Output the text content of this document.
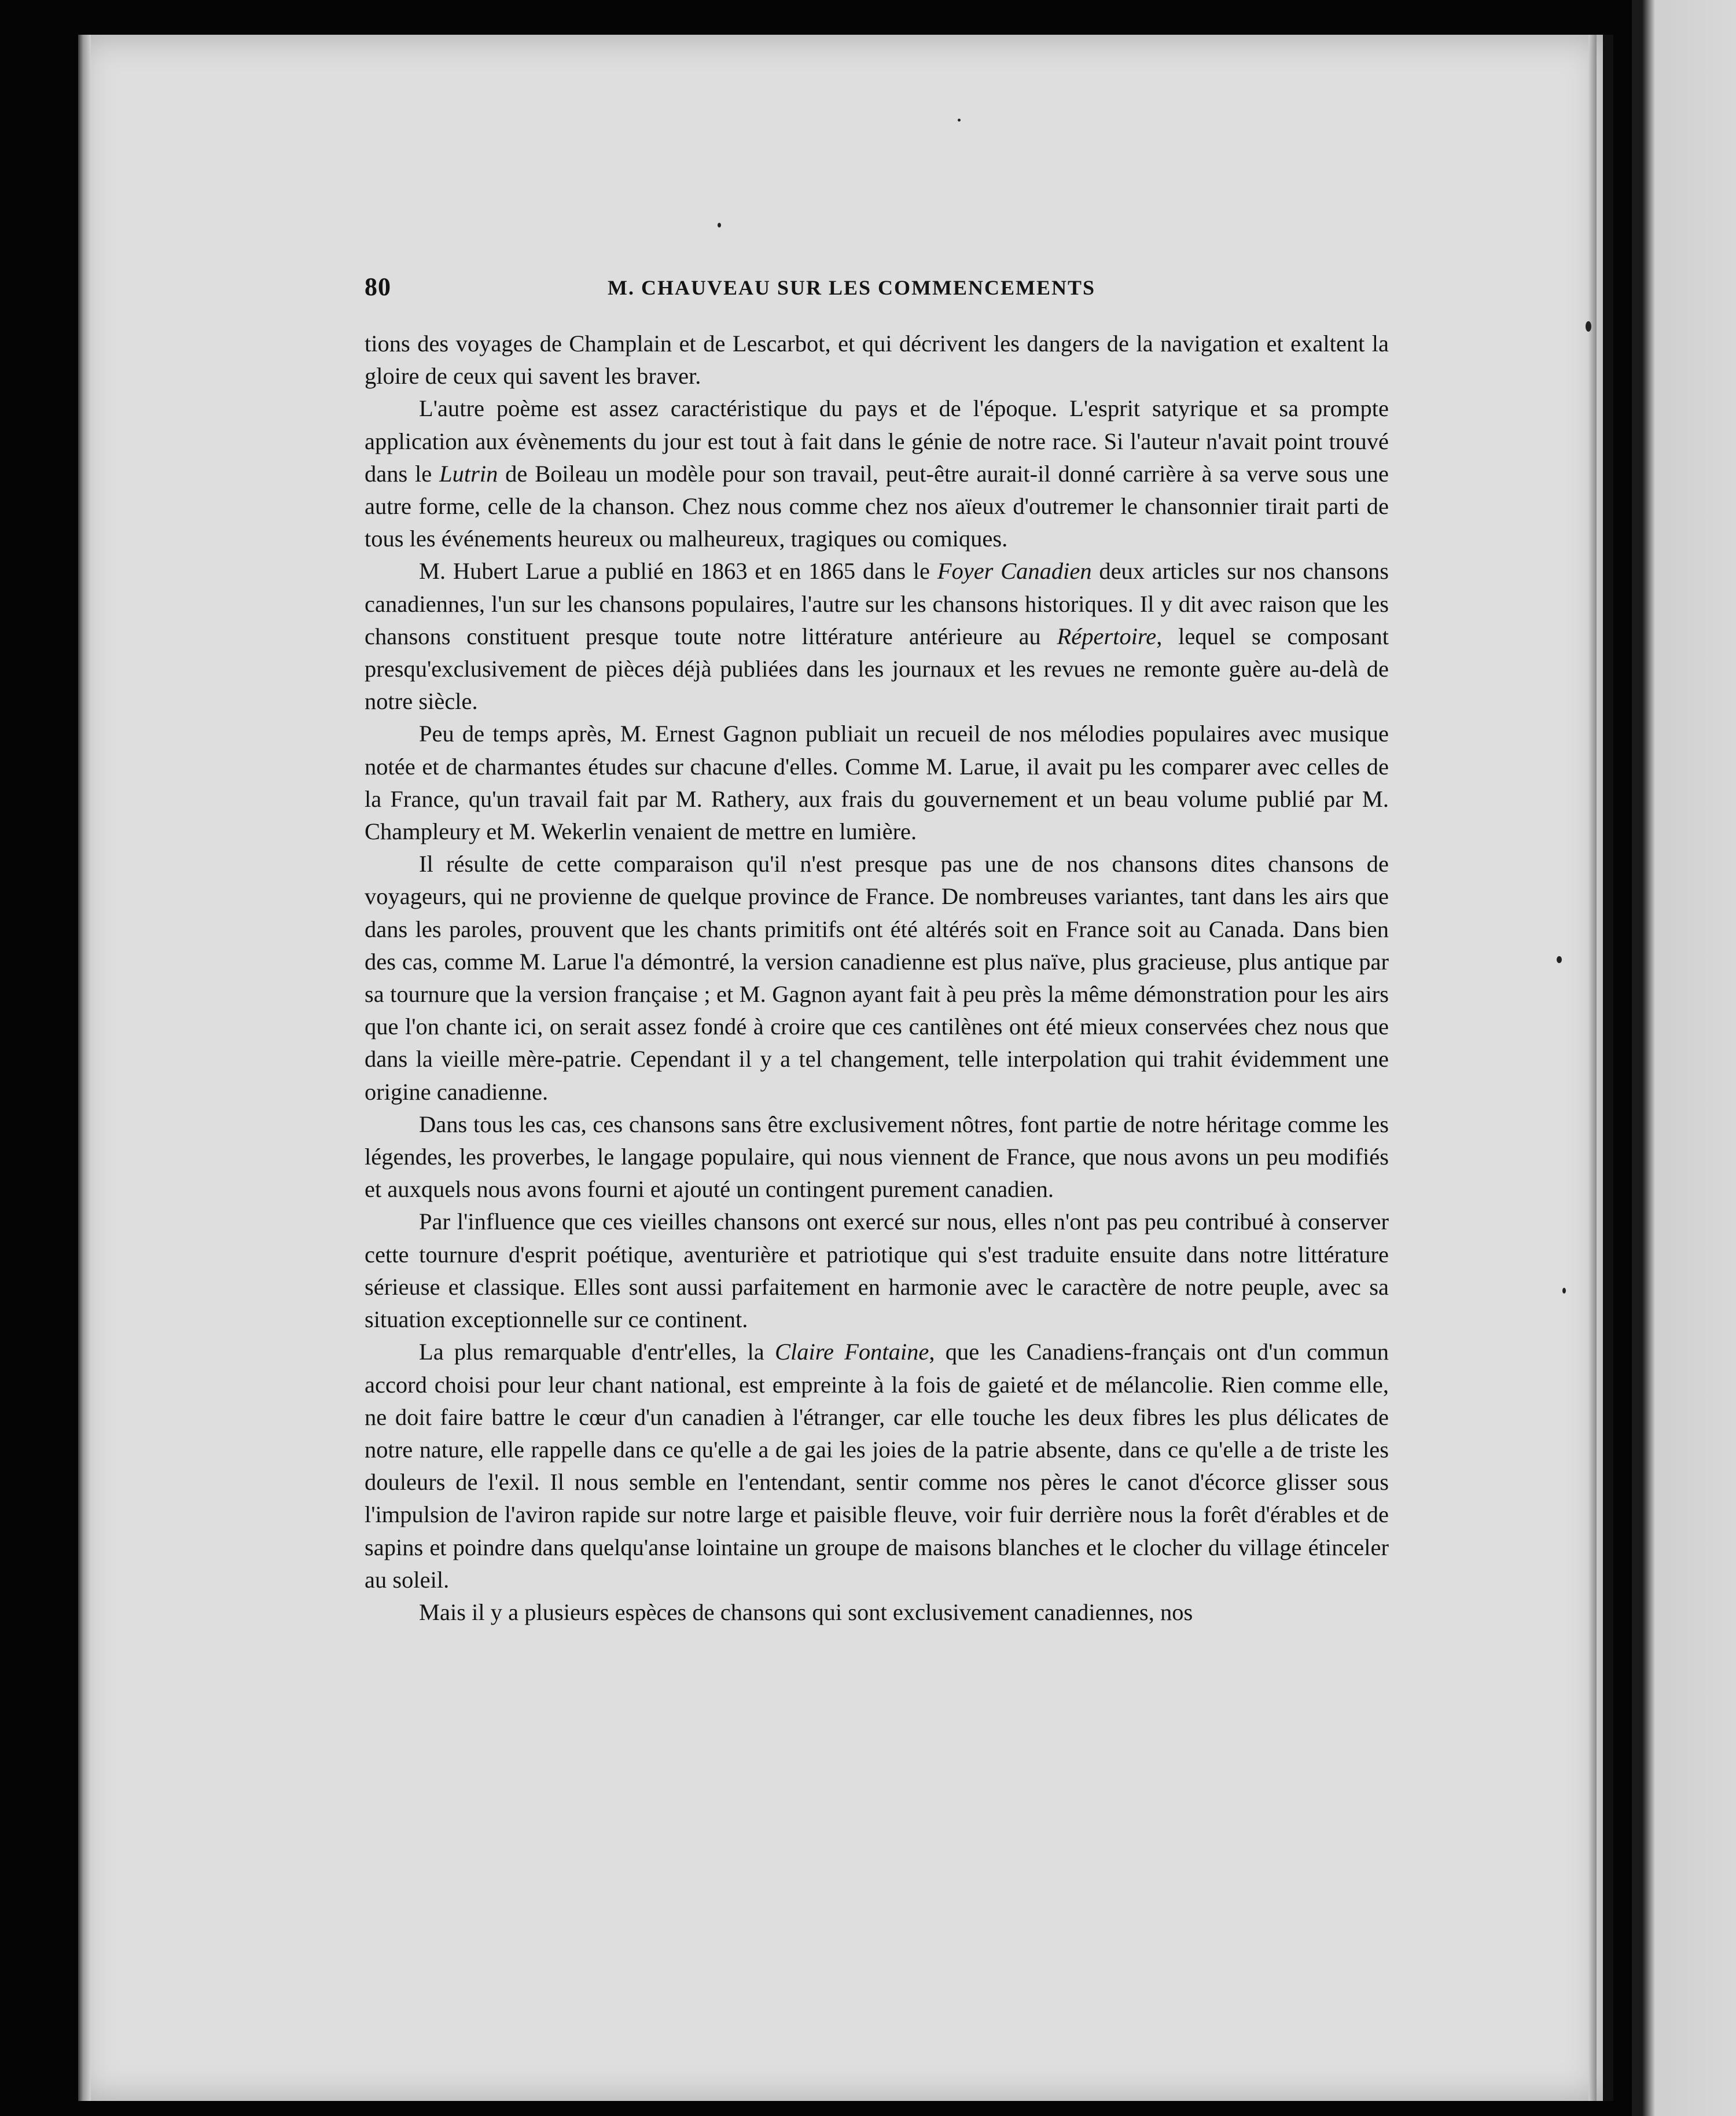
80	M. CHAUVEAU SUR LES COMMENCEMENTS

tions des voyages de Champlain et de Lescarbot, et qui décrivent les dangers de la navigation et exaltent la gloire de ceux qui savent les braver.

L'autre poème est assez caractéristique du pays et de l'époque. L'esprit satyrique et sa prompte application aux évènements du jour est tout à fait dans le génie de notre race. Si l'auteur n'avait point trouvé dans le Lutrin de Boileau un modèle pour son travail, peut-être aurait-il donné carrière à sa verve sous une autre forme, celle de la chanson. Chez nous comme chez nos aïeux d'outremer le chansonnier tirait parti de tous les événements heureux ou malheureux, tragiques ou comiques.

M. Hubert Larue a publié en 1863 et en 1865 dans le Foyer Canadien deux articles sur nos chansons canadiennes, l'un sur les chansons populaires, l'autre sur les chansons historiques. Il y dit avec raison que les chansons constituent presque toute notre littérature antérieure au Répertoire, lequel se composant presqu'exclusivement de pièces déjà publiées dans les journaux et les revues ne remonte guère au-delà de notre siècle.

Peu de temps après, M. Ernest Gagnon publiait un recueil de nos mélodies populaires avec musique notée et de charmantes études sur chacune d'elles. Comme M. Larue, il avait pu les comparer avec celles de la France, qu'un travail fait par M. Rathery, aux frais du gouvernement et un beau volume publié par M. Champleury et M. Wekerlin venaient de mettre en lumière.

Il résulte de cette comparaison qu'il n'est presque pas une de nos chansons dites chansons de voyageurs, qui ne provienne de quelque province de France. De nombreuses variantes, tant dans les airs que dans les paroles, prouvent que les chants primitifs ont été altérés soit en France soit au Canada. Dans bien des cas, comme M. Larue l'a démontré, la version canadienne est plus naïve, plus gracieuse, plus antique par sa tournure que la version française ; et M. Gagnon ayant fait à peu près la même démonstration pour les airs que l'on chante ici, on serait assez fondé à croire que ces cantilènes ont été mieux conservées chez nous que dans la vieille mère-patrie. Cependant il y a tel changement, telle interpolation qui trahit évidemment une origine canadienne.

Dans tous les cas, ces chansons sans être exclusivement nôtres, font partie de notre héritage comme les légendes, les proverbes, le langage populaire, qui nous viennent de France, que nous avons un peu modifiés et auxquels nous avons fourni et ajouté un contingent purement canadien.

Par l'influence que ces vieilles chansons ont exercé sur nous, elles n'ont pas peu contribué à conserver cette tournure d'esprit poétique, aventurière et patriotique qui s'est traduite ensuite dans notre littérature sérieuse et classique. Elles sont aussi parfaitement en harmonie avec le caractère de notre peuple, avec sa situation exceptionnelle sur ce continent.

La plus remarquable d'entr'elles, la Claire Fontaine, que les Canadiens-français ont d'un commun accord choisi pour leur chant national, est empreinte à la fois de gaieté et de mélancolie. Rien comme elle, ne doit faire battre le cœur d'un canadien à l'étranger, car elle touche les deux fibres les plus délicates de notre nature, elle rappelle dans ce qu'elle a de gai les joies de la patrie absente, dans ce qu'elle a de triste les douleurs de l'exil. Il nous semble en l'entendant, sentir comme nos pères le canot d'écorce glisser sous l'impulsion de l'aviron rapide sur notre large et paisible fleuve, voir fuir derrière nous la forêt d'érables et de sapins et poindre dans quelqu'anse lointaine un groupe de maisons blanches et le clocher du village étinceler au soleil.

Mais il y a plusieurs espèces de chansons qui sont exclusivement canadiennes, nos
